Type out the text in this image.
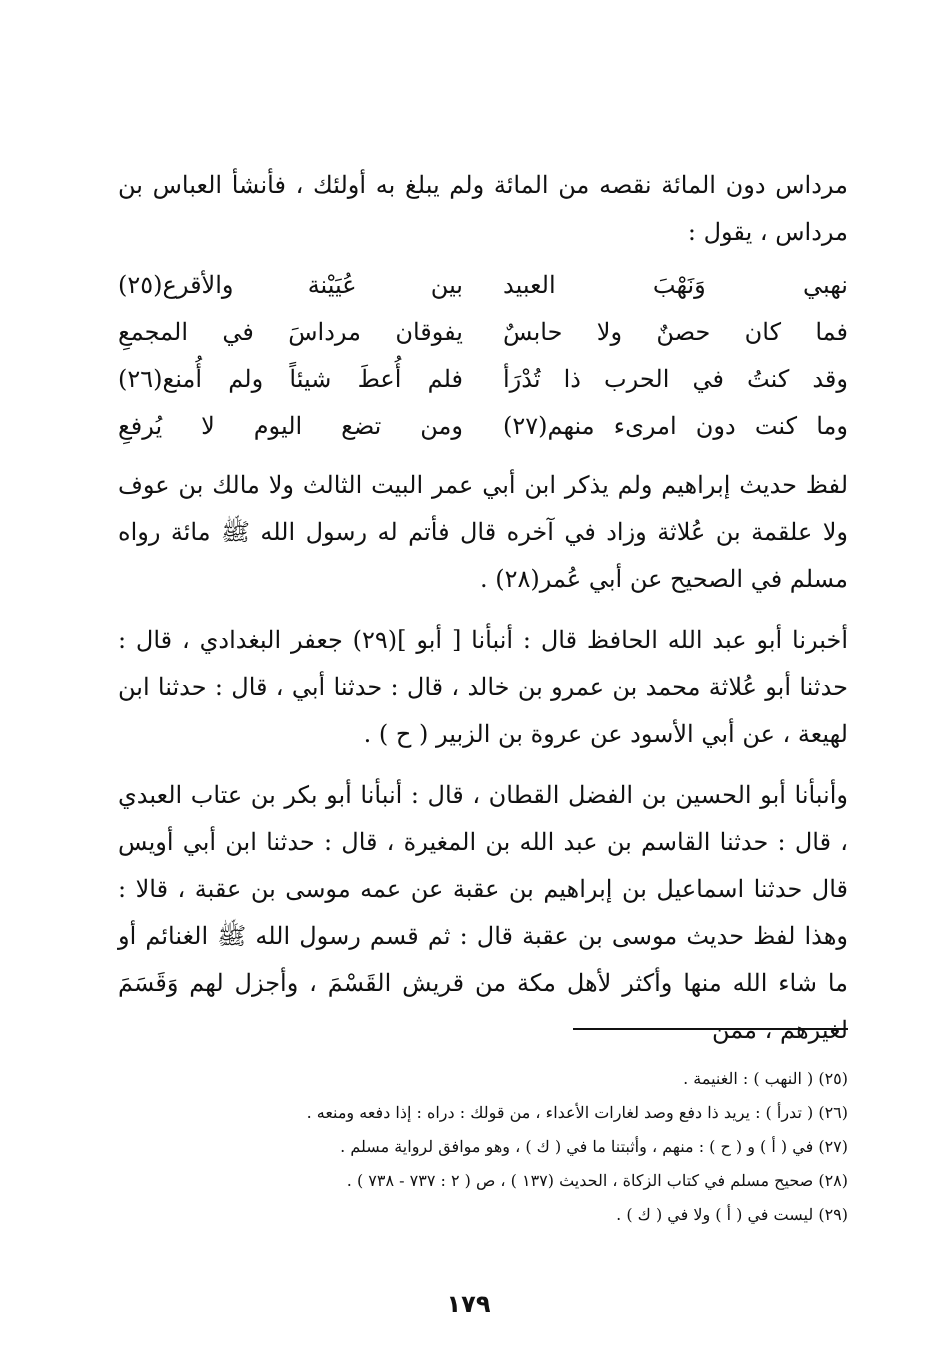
مرداس دون المائة نقصه من المائة ولم يبلغ به أولئك ، فأنشأ العباس بن مرداس ، يقول :

نهبي وَنَهْبَ العبيد
بين عُيَيْنة والأقرع(٢٥)
فما كان حصنٌ ولا حابسٌ
يفوقان مرداسَ في المجمعِ
وقد كنتُ في الحرب ذا تُدْرَأ
فلم أُعطَ شيئاً ولم أُمنع(٢٦)
وما كنت دون امرىء منهم(٢٧)
ومن تضع اليوم لا يُرفعِ

لفظ حديث إبراهيم ولم يذكر ابن أبي عمر البيت الثالث ولا مالك بن عوف ولا علقمة بن عُلاثة وزاد في آخره قال فأتم له رسول الله ﷺ مائة رواه مسلم في الصحيح عن أبي عُمر(٢٨) .

أخبرنا أبو عبد الله الحافظ قال : أنبأنا [ أبو ](٢٩) جعفر البغدادي ، قال : حدثنا أبو عُلاثة محمد بن عمرو بن خالد ، قال : حدثنا أبي ، قال : حدثنا ابن لهيعة ، عن أبي الأسود عن عروة بن الزبير ( ح ) .

وأنبأنا أبو الحسين بن الفضل القطان ، قال : أنبأنا أبو بكر بن عتاب العبدي ، قال : حدثنا القاسم بن عبد الله بن المغيرة ، قال : حدثنا ابن أبي أويس قال حدثنا اسماعيل بن إبراهيم بن عقبة عن عمه موسى بن عقبة ، قالا : وهذا لفظ حديث موسى بن عقبة قال : ثم قسم رسول الله ﷺ الغنائم أو ما شاء الله منها وأكثر لأهل مكة من قريش القَسْمَ ، وأجزل لهم وَقَسَمَ لغيرهم ، ممن

(٢٥) ( النهب ) : الغنيمة .
(٢٦) ( تدرأ ) : يريد ذا دفع وصد لغارات الأعداء ، من قولك : دراه : إذا دفعه ومنعه .
(٢٧) في ( أ ) و ( ح ) : منهم ، وأثبتنا ما في ( ك ) ، وهو موافق لرواية مسلم .
(٢٨) صحيح مسلم في كتاب الزكاة ، الحديث (١٣٧ ) ، ص ( ٢ : ٧٣٧ - ٧٣٨ ) .
(٢٩) ليست في ( أ ) ولا في ( ك ) .
١٧٩
